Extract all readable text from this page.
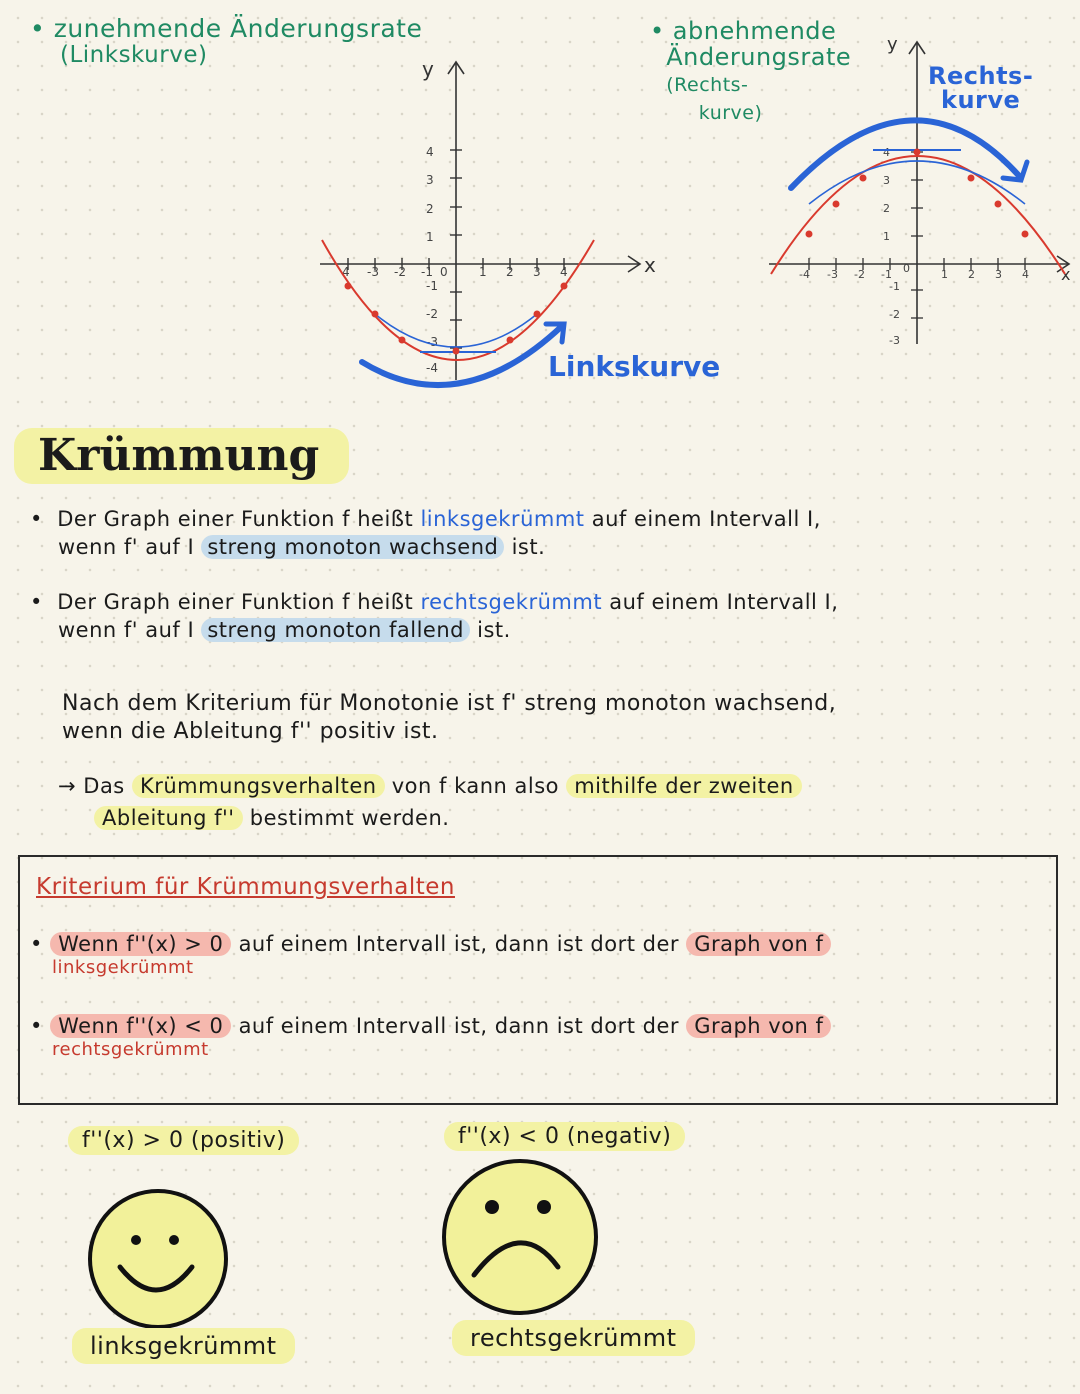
• zunehmende Änderungsrate
(Linkskurve)
y
x
4 -3 -2 -1	1 2 3 4
4
3
2
1
0
-1
-2
-3
-4	Linkskurve
• abnehmende
Änderungsrate
(Rechts-
kurve)
y
x
-4 -3 -2 -1	1 2 3 4
4
3
2
1
0
-1
-2
-3
Rechts-
kurve
Krümmung
•  Der Graph einer Funktion f heißt linksgekrümmt auf einem Intervall I,
wenn f' auf I streng monoton wachsend ist.
•  Der Graph einer Funktion f heißt rechtsgekrümmt auf einem Intervall I,
wenn f' auf I streng monoton fallend ist.
Nach dem Kriterium für Monotonie ist f' streng monoton wachsend,
wenn die Ableitung f'' positiv ist.
→ Das Krümmungsverhalten von f kann also mithilfe der zweiten
Ableitung f'' bestimmt werden.
Kriterium für Krümmungsverhalten
• Wenn f''(x) > 0 auf einem Intervall ist, dann ist dort der Graph von f
linksgekrümmt
• Wenn f''(x) < 0 auf einem Intervall ist, dann ist dort der Graph von f
rechtsgekrümmt
f''(x) > 0 (positiv)	f''(x) < 0 (negativ)
linksgekrümmt	rechtsgekrümmt
